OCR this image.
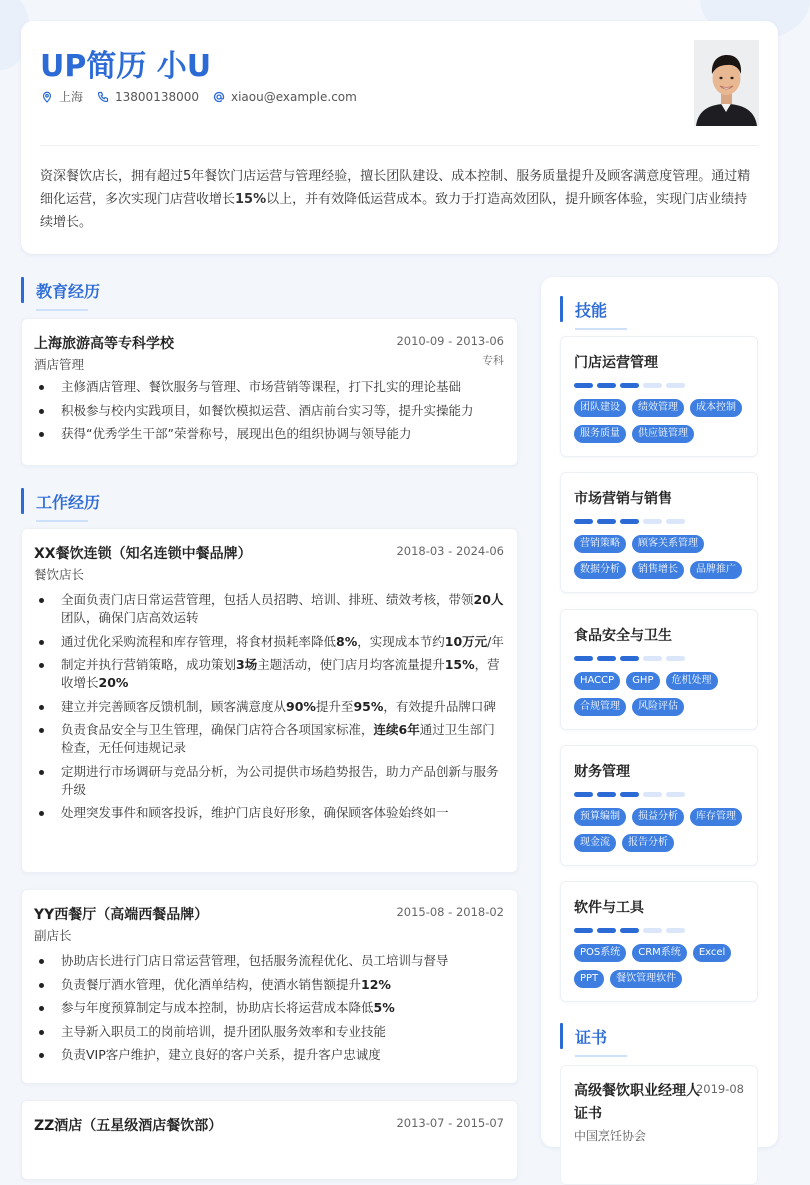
UP简历 小U
上海	13800138000	xiaou@example.com
资深餐饮店长，拥有超过5年餐饮门店运营与管理经验，擅长团队建设、成本控制、服务质量提升及顾客满意度管理。通过精细化运营，多次实现门店营收增长15%以上，并有效降低运营成本。致力于打造高效团队，提升顾客体验，实现门店业绩持续增长。
教育经历
上海旅游高等专科学校
酒店管理
2010-09 - 2013-06
专科
主修酒店管理、餐饮服务与管理、市场营销等课程，打下扎实的理论基础
积极参与校内实践项目，如餐饮模拟运营、酒店前台实习等，提升实操能力
获得“优秀学生干部”荣誉称号，展现出色的组织协调与领导能力
工作经历
XX餐饮连锁（知名连锁中餐品牌）
餐饮店长
2018-03 - 2024-06
全面负责门店日常运营管理，包括人员招聘、培训、排班、绩效考核，带领20人团队，确保门店高效运转
通过优化采购流程和库存管理，将食材损耗率降低8%，实现成本节约10万元/年
制定并执行营销策略，成功策划3场主题活动，使门店月均客流量提升15%，营收增长20%
建立并完善顾客反馈机制，顾客满意度从90%提升至95%，有效提升品牌口碑
负责食品安全与卫生管理，确保门店符合各项国家标准，连续6年通过卫生部门检查，无任何违规记录
定期进行市场调研与竞品分析，为公司提供市场趋势报告，助力产品创新与服务升级
处理突发事件和顾客投诉，维护门店良好形象，确保顾客体验始终如一
YY西餐厅（高端西餐品牌）
副店长
2015-08 - 2018-02
协助店长进行门店日常运营管理，包括服务流程优化、员工培训与督导
负责餐厅酒水管理，优化酒单结构，使酒水销售额提升12%
参与年度预算制定与成本控制，协助店长将运营成本降低5%
主导新入职员工的岗前培训，提升团队服务效率和专业技能
负责VIP客户维护，建立良好的客户关系，提升客户忠诚度
ZZ酒店（五星级酒店餐饮部）	2013-07 - 2015-07
技能
门店运营管理
团队建设	绩效管理	成本控制
服务质量	供应链管理
市场营销与销售
营销策略	顾客关系管理
数据分析	销售增长	品牌推广
食品安全与卫生
HACCP	GHP	危机处理
合规管理	风险评估
财务管理
预算编制	损益分析	库存管理
现金流	报告分析
软件与工具
POS系统	CRM系统	Excel
PPT	餐饮管理软件
证书
高级餐饮职业经理人证书
2019-08
中国烹饪协会
